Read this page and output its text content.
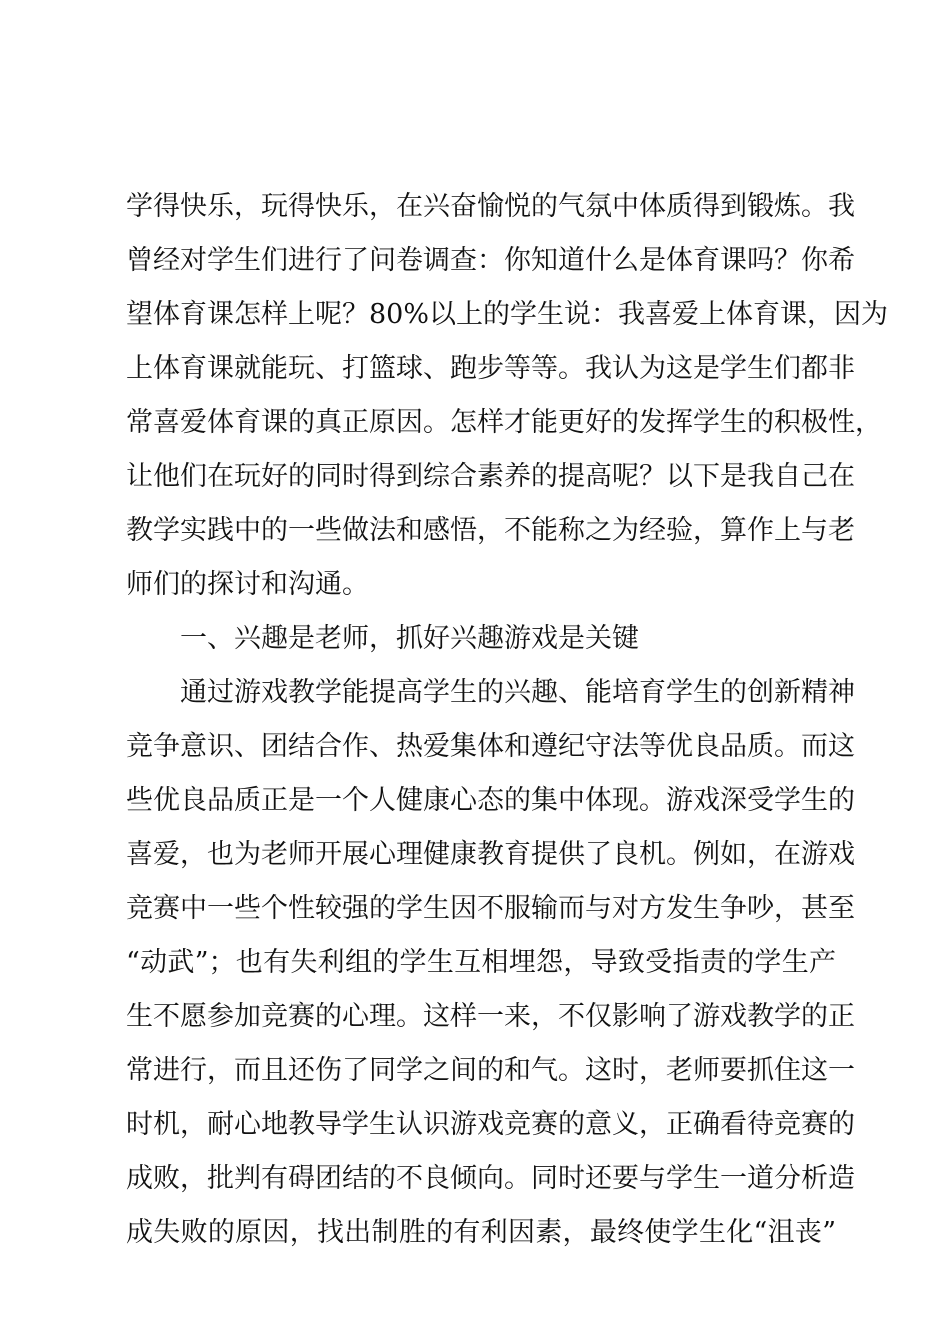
学得快乐，玩得快乐，在兴奋愉悦的气氛中体质得到锻炼。我
曾经对学生们进行了问卷调查：你知道什么是体育课吗？你希
望体育课怎样上呢？80%以上的学生说：我喜爱上体育课，因为
上体育课就能玩、打篮球、跑步等等。我认为这是学生们都非
常喜爱体育课的真正原因。怎样才能更好的发挥学生的积极性，
让他们在玩好的同时得到综合素养的提高呢？以下是我自己在
教学实践中的一些做法和感悟，不能称之为经验，算作上与老
师们的探讨和沟通。
一、兴趣是老师，抓好兴趣游戏是关键
通过游戏教学能提高学生的兴趣、能培育学生的创新精神
竞争意识、团结合作、热爱集体和遵纪守法等优良品质。而这
些优良品质正是一个人健康心态的集中体现。游戏深受学生的
喜爱，也为老师开展心理健康教育提供了良机。例如，在游戏
竞赛中一些个性较强的学生因不服输而与对方发生争吵，甚至
“动武”；也有失利组的学生互相埋怨，导致受指责的学生产
生不愿参加竞赛的心理。这样一来，不仅影响了游戏教学的正
常进行，而且还伤了同学之间的和气。这时，老师要抓住这一
时机，耐心地教导学生认识游戏竞赛的意义，正确看待竞赛的
成败，批判有碍团结的不良倾向。同时还要与学生一道分析造
成失败的原因，找出制胜的有利因素，最终使学生化“沮丧”
